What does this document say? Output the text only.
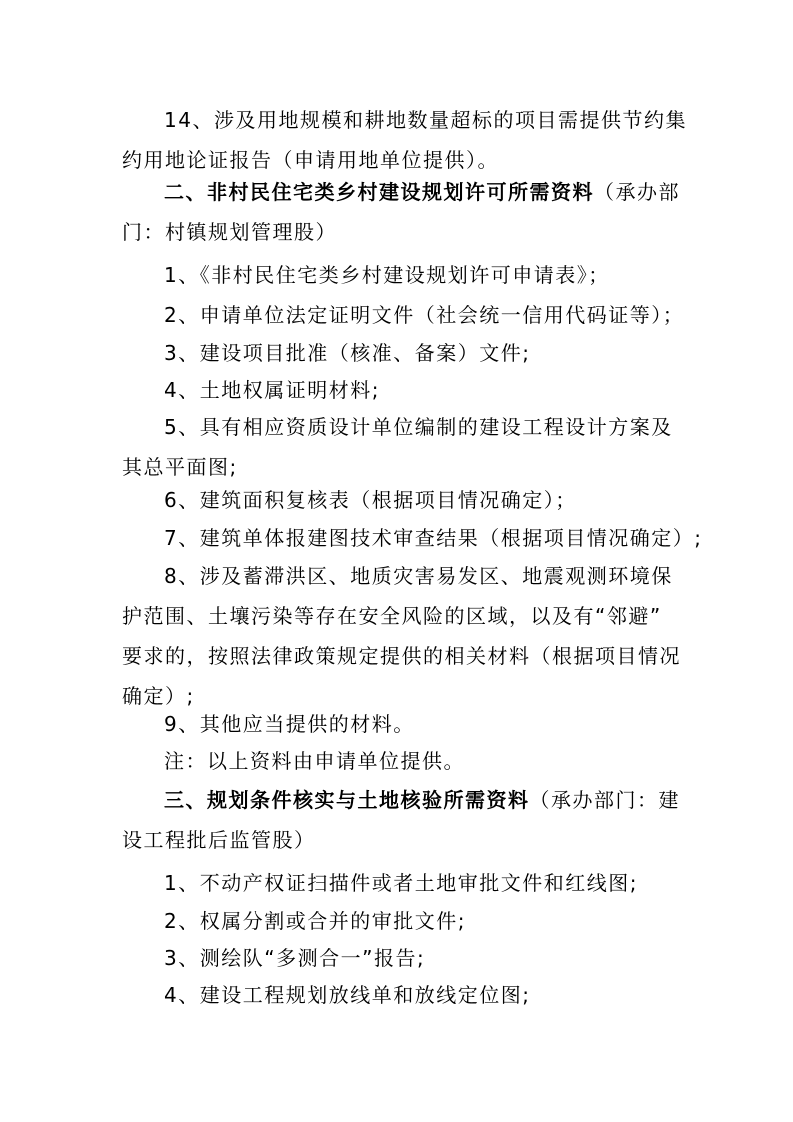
14、涉及用地规模和耕地数量超标的项目需提供节约集
约用地论证报告（申请用地单位提供）。
二、非村民住宅类乡村建设规划许可所需资料（承办部
门：村镇规划管理股）
1、《非村民住宅类乡村建设规划许可申请表》；
2、申请单位法定证明文件（社会统一信用代码证等）；
3、建设项目批准（核准、备案）文件;
4、土地权属证明材料;
5、具有相应资质设计单位编制的建设工程设计方案及
其总平面图;
6、建筑面积复核表（根据项目情况确定）；
7、建筑单体报建图技术审查结果（根据项目情况确定）;
8、涉及蓄滞洪区、地质灾害易发区、地震观测环境保
护范围、土壤污染等存在安全风险的区域，以及有“邻避”
要求的，按照法律政策规定提供的相关材料（根据项目情况
确定）;
9、其他应当提供的材料。
注：以上资料由申请单位提供。
三、规划条件核实与土地核验所需资料（承办部门：建
设工程批后监管股）
1、不动产权证扫描件或者土地审批文件和红线图;
2、权属分割或合并的审批文件;
3、测绘队“多测合一”报告;
4、建设工程规划放线单和放线定位图;
